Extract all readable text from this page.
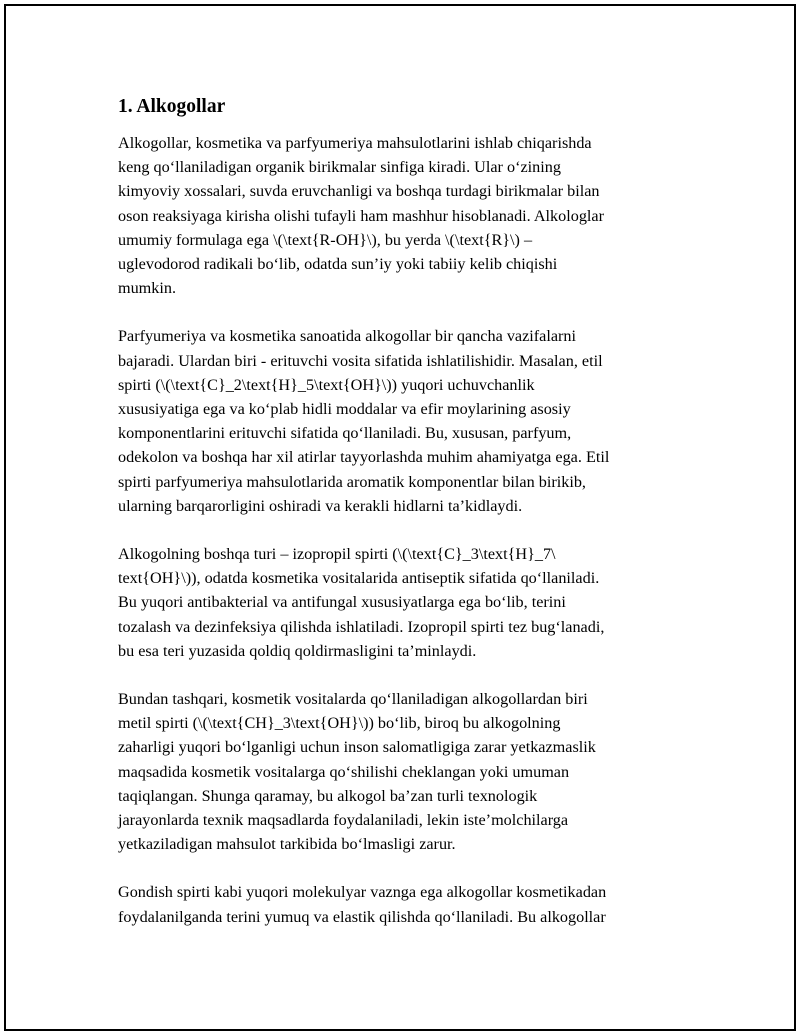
1. Alkogollar

Alkogollar, kosmetika va parfyumeriya mahsulotlarini ishlab chiqarishda
keng qo‘llaniladigan organik birikmalar sinfiga kiradi. Ular o‘zining
kimyoviy xossalari, suvda eruvchanligi va boshqa turdagi birikmalar bilan
oson reaksiyaga kirisha olishi tufayli ham mashhur hisoblanadi. Alkologlar
umumiy formulaga ega \(\text{R-OH}\), bu yerda \(\text{R}\) –
uglevodorod radikali bo‘lib, odatda sun’iy yoki tabiiy kelib chiqishi
mumkin.

Parfyumeriya va kosmetika sanoatida alkogollar bir qancha vazifalarni
bajaradi. Ulardan biri - erituvchi vosita sifatida ishlatilishidir. Masalan, etil
spirti (\(\text{C}_2\text{H}_5\text{OH}\)) yuqori uchuvchanlik
xususiyatiga ega va ko‘plab hidli moddalar va efir moylarining asosiy
komponentlarini erituvchi sifatida qo‘llaniladi. Bu, xususan, parfyum,
odekolon va boshqa har xil atirlar tayyorlashda muhim ahamiyatga ega. Etil
spirti parfyumeriya mahsulotlarida aromatik komponentlar bilan birikib,
ularning barqarorligini oshiradi va kerakli hidlarni ta’kidlaydi.

Alkogolning boshqa turi – izopropil spirti (\(\text{C}_3\text{H}_7\
text{OH}\)), odatda kosmetika vositalarida antiseptik sifatida qo‘llaniladi.
Bu yuqori antibakterial va antifungal xususiyatlarga ega bo‘lib, terini
tozalash va dezinfeksiya qilishda ishlatiladi. Izopropil spirti tez bug‘lanadi,
bu esa teri yuzasida qoldiq qoldirmasligini ta’minlaydi.

Bundan tashqari, kosmetik vositalarda qo‘llaniladigan alkogollardan biri
metil spirti (\(\text{CH}_3\text{OH}\)) bo‘lib, biroq bu alkogolning
zaharligi yuqori bo‘lganligi uchun inson salomatligiga zarar yetkazmaslik
maqsadida kosmetik vositalarga qo‘shilishi cheklangan yoki umuman
taqiqlangan. Shunga qaramay, bu alkogol ba’zan turli texnologik
jarayonlarda texnik maqsadlarda foydalaniladi, lekin iste’molchilarga
yetkaziladigan mahsulot tarkibida bo‘lmasligi zarur.

Gondish spirti kabi yuqori molekulyar vaznga ega alkogollar kosmetikadan
foydalanilganda terini yumuq va elastik qilishda qo‘llaniladi. Bu alkogollar
